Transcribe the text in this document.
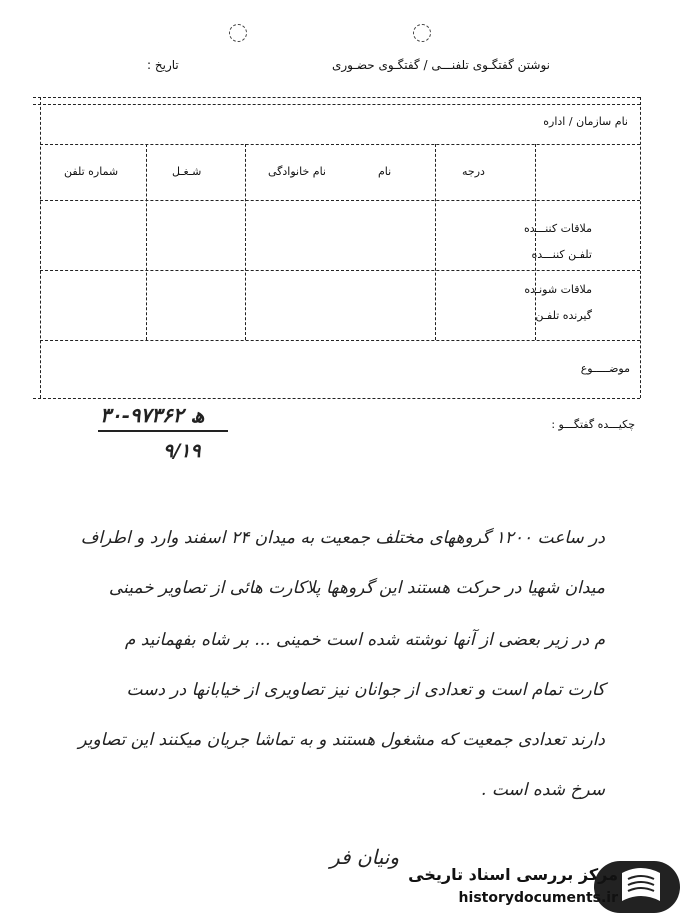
نوشتن گفتگـوی تلفنـــی / گفتگـوی حضـوری
تاریخ :
نام سازمان / اداره
درجه
نام
نام خانوادگی
شـغـل
شماره تلفن
ملاقات کننـــده
تلفـن کننـــده
ملاقات شونـده
گیرنده تلفـن
موضـــــوع
چکیـــده گفتگـــو :
۳۰-۹۷۳۶۲ ھ
۹/۱۹
در ساعت ۱۲۰۰ گروههای مختلف جمعیت به میدان ۲۴ اسفند وارد و اطراف
میدان شهیا در حرکت هستند این گروهها پلاکارت هائی از تصاویر خمینی
م در زیر بعضی از آنها نوشته شده است خمینی ... بر شاه بفهمانید م
کارت تمام است و تعدادی از جوانان نیز تصاویری از خیابانها در دست
دارند تعدادی جمعیت که مشغول هستند و به تماشا جریان میکنند این تصاویر
سرخ شده است .
ونیان فر
مرکز بررسی اسناد تاریخی
historydocuments.ir
